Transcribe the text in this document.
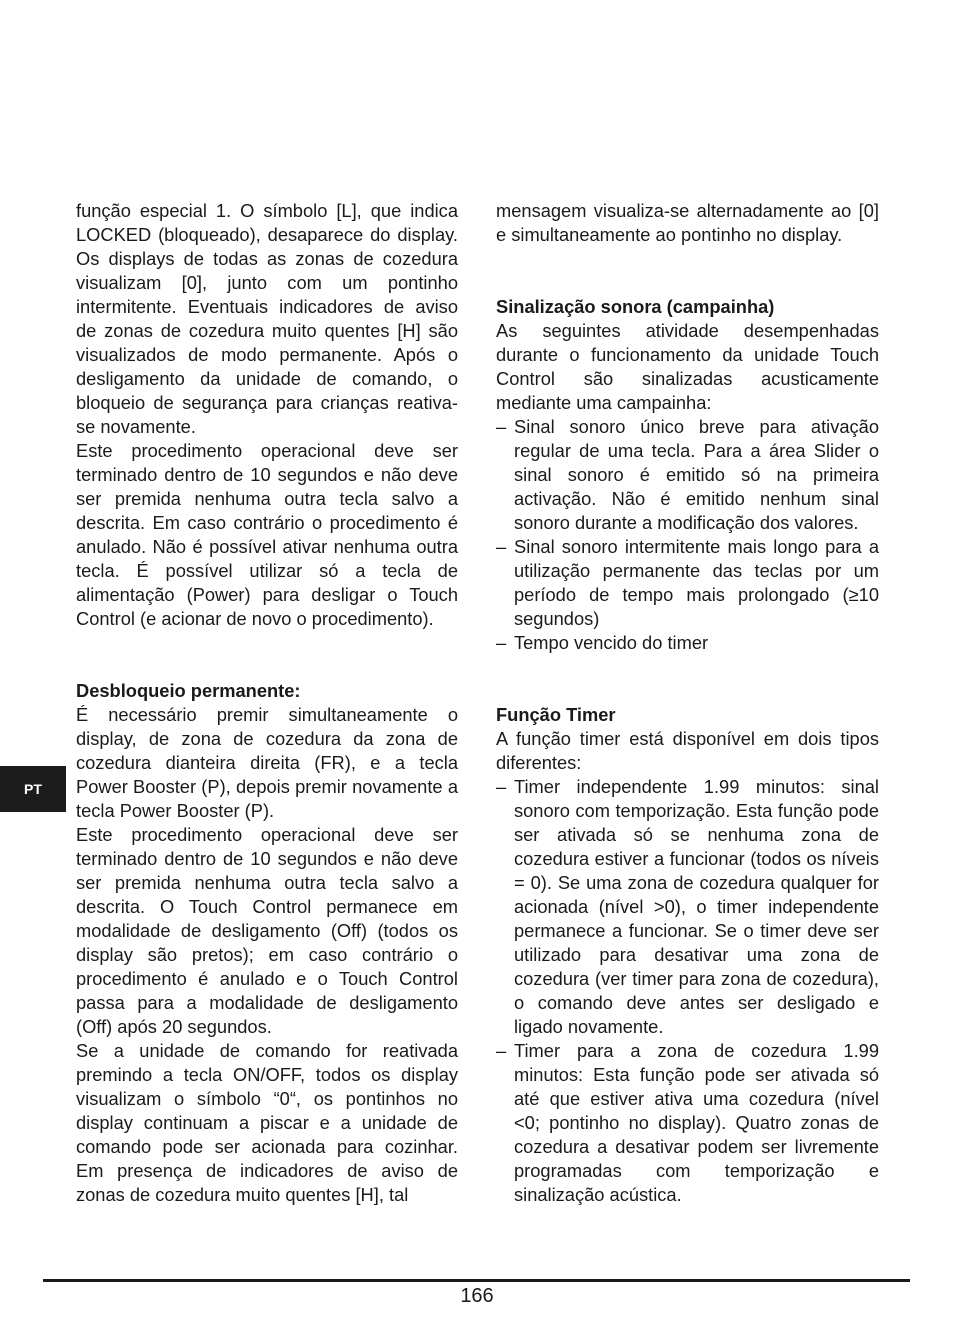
função especial 1. O símbolo [L], que indica LOCKED (bloqueado), desaparece do display. Os displays de todas as zonas de cozedura visualizam [0], junto com um pontinho intermitente. Eventuais indicadores de aviso de zonas de cozedura muito quentes [H] são visualizados de modo permanente. Após o desligamento da unidade de comando, o bloqueio de segurança para crianças reativa-se novamente.

Este procedimento operacional deve ser terminado dentro de 10 segundos e não deve ser premida nenhuma outra tecla salvo a descrita. Em caso contrário o procedimento é anulado. Não é possível ativar nenhuma outra tecla. É possível utilizar só a tecla de alimentação (Power) para desligar o Touch Control (e acionar de novo o procedimento).

Desbloqueio permanente:

É necessário premir simultaneamente o display, de zona de cozedura da zona de cozedura dianteira direita (FR), e a tecla Power Booster (P), depois premir novamente a tecla Power Booster (P).

Este procedimento operacional deve ser terminado dentro de 10 segundos e não deve ser premida nenhuma outra tecla salvo a descrita. O Touch Control permanece em modalidade de desligamento (Off) (todos os display são pretos); em caso contrário o procedimento é anulado e o Touch Control passa para a modalidade de desligamento (Off) após 20 segundos.

Se a unidade de comando for reativada premindo a tecla ON/OFF, todos os display visualizam o símbolo “0“, os pontinhos no display continuam a piscar e a unidade de comando pode ser acionada para cozinhar. Em presença de indicadores de aviso de zonas de cozedura muito quentes [H], tal

mensagem visualiza-se alternadamente ao [0] e simultaneamente ao pontinho no display.

Sinalização sonora (campainha)

As seguintes atividade desempenhadas durante o funcionamento da unidade Touch Control são sinalizadas acusticamente mediante uma campainha:

– Sinal sonoro único breve para ativação regular de uma tecla. Para a área Slider o sinal sonoro é emitido só na primeira activação. Não é emitido nenhum sinal sonoro durante a modificação dos valores.
– Sinal sonoro intermitente mais longo para a utilização permanente das teclas por um período de tempo mais prolongado (≥10 segundos)
– Tempo vencido do timer
Função Timer

A função timer está disponível em dois tipos diferentes:

– Timer independente 1.99 minutos: sinal sonoro com temporização. Esta função pode ser ativada só se nenhuma zona de cozedura estiver a funcionar (todos os níveis = 0). Se uma zona de cozedura qualquer for acionada (nível >0), o timer independente permanece a funcionar. Se o timer deve ser utilizado para desativar uma zona de cozedura (ver timer para zona de cozedura), o comando deve antes ser desligado e ligado novamente.
– Timer para a zona de cozedura 1.99 minutos: Esta função pode ser ativada só até que estiver ativa uma cozedura (nível <0; pontinho no display). Quatro zonas de cozedura a desativar podem ser livremente programadas com temporização e sinalização acústica.
PT
166
